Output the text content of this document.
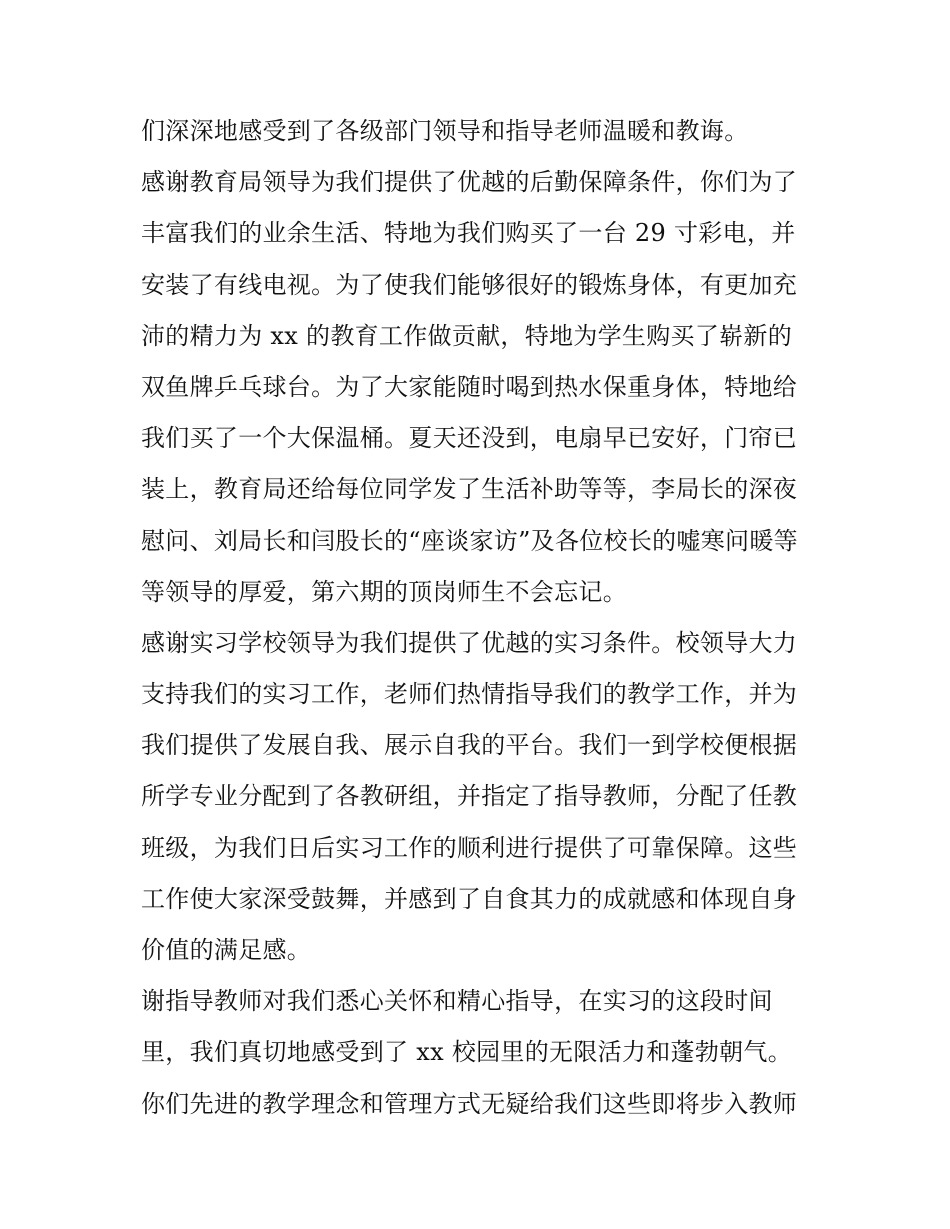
们深深地感受到了各级部门领导和指导老师温暖和教诲。
感谢教育局领导为我们提供了优越的后勤保障条件，你们为了
丰富我们的业余生活、特地为我们购买了一台 29 寸彩电，并
安装了有线电视。为了使我们能够很好的锻炼身体，有更加充
沛的精力为 xx 的教育工作做贡献，特地为学生购买了崭新的
双鱼牌乒乓球台。为了大家能随时喝到热水保重身体，特地给
我们买了一个大保温桶。夏天还没到，电扇早已安好，门帘已
装上，教育局还给每位同学发了生活补助等等，李局长的深夜
慰问、刘局长和闫股长的“座谈家访”及各位校长的嘘寒问暖等
等领导的厚爱，第六期的顶岗师生不会忘记。
感谢实习学校领导为我们提供了优越的实习条件。校领导大力
支持我们的实习工作，老师们热情指导我们的教学工作，并为
我们提供了发展自我、展示自我的平台。我们一到学校便根据
所学专业分配到了各教研组，并指定了指导教师，分配了任教
班级，为我们日后实习工作的顺利进行提供了可靠保障。这些
工作使大家深受鼓舞，并感到了自食其力的成就感和体现自身
价值的满足感。
谢指导教师对我们悉心关怀和精心指导，在实习的这段时间
里，我们真切地感受到了 xx 校园里的无限活力和蓬勃朝气。
你们先进的教学理念和管理方式无疑给我们这些即将步入教师
